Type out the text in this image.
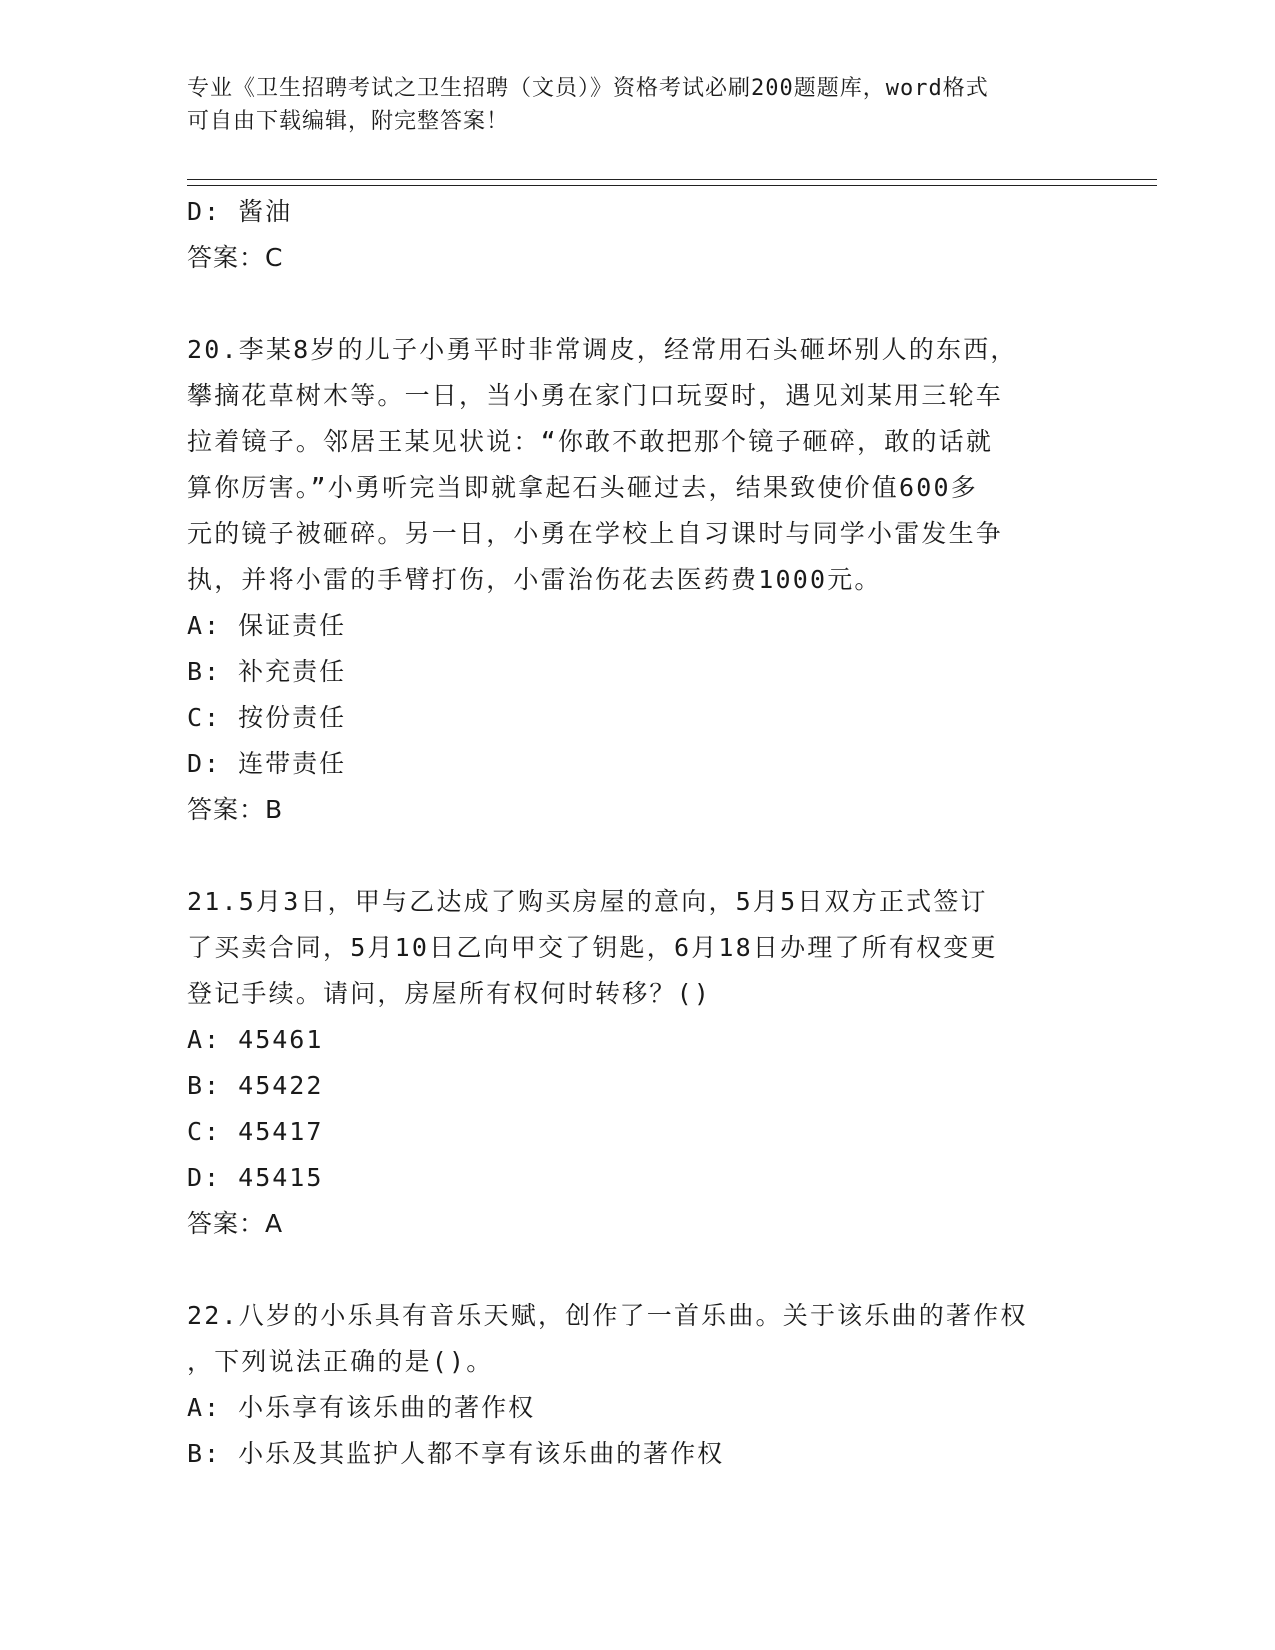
专业《卫生招聘考试之卫生招聘（文员）》资格考试必刷200题题库，word格式
可自由下载编辑，附完整答案！
D: 酱油
答案：C
20.李某8岁的儿子小勇平时非常调皮，经常用石头砸坏别人的东西，
攀摘花草树木等。一日，当小勇在家门口玩耍时，遇见刘某用三轮车
拉着镜子。邻居王某见状说：“你敢不敢把那个镜子砸碎，敢的话就
算你厉害。”小勇听完当即就拿起石头砸过去，结果致使价值600多
元的镜子被砸碎。另一日，小勇在学校上自习课时与同学小雷发生争
执，并将小雷的手臂打伤，小雷治伤花去医药费1000元。
A: 保证责任
B: 补充责任
C: 按份责任
D: 连带责任
答案：B
21.5月3日，甲与乙达成了购买房屋的意向，5月5日双方正式签订
了买卖合同，5月10日乙向甲交了钥匙，6月18日办理了所有权变更
登记手续。请问，房屋所有权何时转移？()
A: 45461
B: 45422
C: 45417
D: 45415
答案：A
22.八岁的小乐具有音乐天赋，创作了一首乐曲。关于该乐曲的著作权
，下列说法正确的是()。
A: 小乐享有该乐曲的著作权
B: 小乐及其监护人都不享有该乐曲的著作权
